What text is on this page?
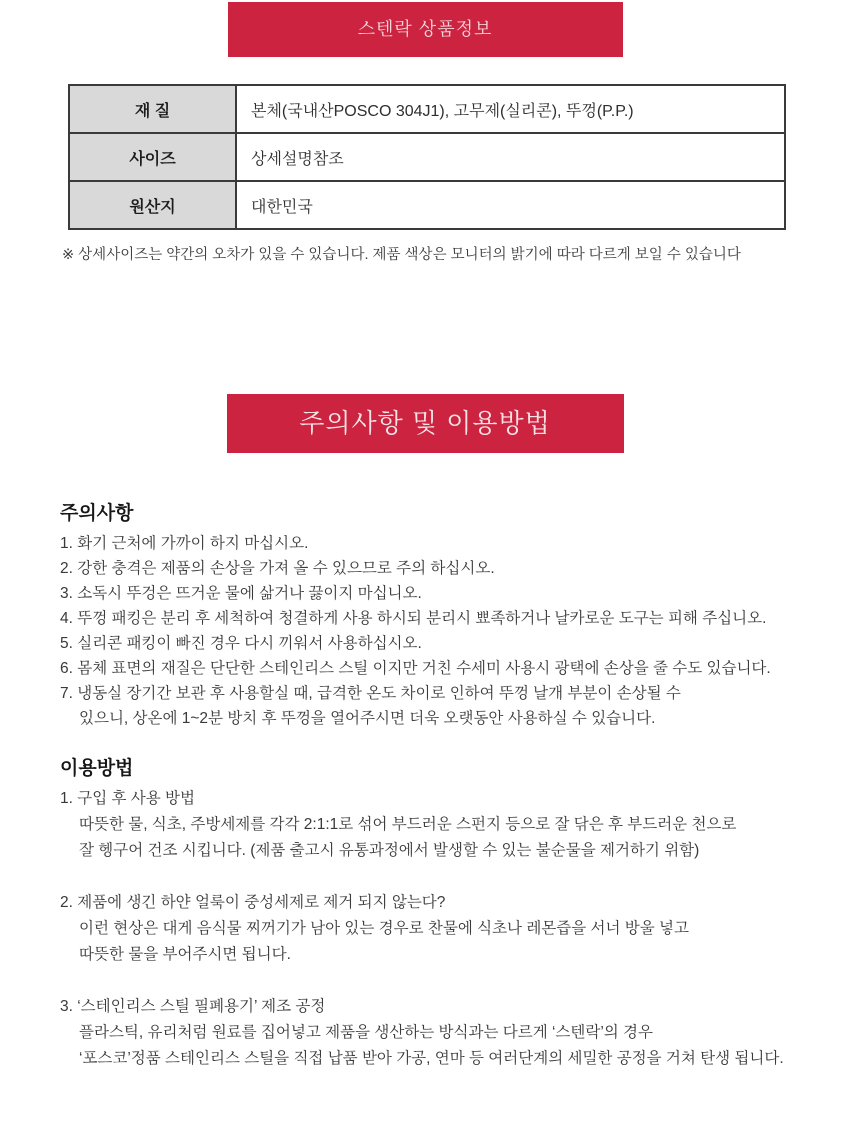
스텐락 상품정보
재 질	본체(국내산POSCO 304J1), 고무제(실리콘), 뚜껑(P.P.)
사이즈	상세설명참조
원산지	대한민국
※ 상세사이즈는 약간의 오차가 있을 수 있습니다. 제품 색상은 모니터의 밝기에 따라 다르게 보일 수 있습니다
주의사항 및 이용방법
주의사항
1. 화기 근처에 가까이 하지 마십시오.
2. 강한 충격은 제품의 손상을 가져 올 수 있으므로 주의 하십시오.
3. 소독시 뚜겅은 뜨거운 물에 삶거나 끓이지 마십니오.
4. 뚜껑 패킹은 분리 후 세척하여 청결하게 사용 하시되 분리시 뾰족하거나 날카로운 도구는 피해 주십니오.
5. 실리콘 패킹이 빠진 경우 다시 끼워서 사용하십시오.
6. 몸체 표면의 재질은 단단한 스테인리스 스틸 이지만 거친 수세미 사용시 광택에 손상을 줄 수도 있습니다.
7. 냉동실 장기간 보관 후 사용할실 때, 급격한 온도 차이로 인하여 뚜껑 날개 부분이 손상될 수
있으니, 상온에 1~2분 방치 후 뚜껑을 열어주시면 더욱 오랫동안 사용하실 수 있습니다.
이용방법
1. 구입 후 사용 방법
따뜻한 물, 식초, 주방세제를 각각 2:1:1로 섞어 부드러운 스펀지 등으로 잘 닦은 후 부드러운 천으로
잘 헹구어 건조 시킵니다. (제품 출고시 유통과정에서 발생할 수 있는 불순물을 제거하기 위함)
2. 제품에 생긴 하얀 얼룩이 중성세제로 제거 되지 않는다?
이런 현상은 대게 음식물 찌꺼기가 남아 있는 경우로 찬물에 식초나 레몬즙을 서너 방울 넣고
따뜻한 물을 부어주시면 됩니다.
3. ‘스테인리스 스틸 필폐용기’ 제조 공정
플라스틱, 유리처럼 원료를 집어넣고 제품을 생산하는 방식과는 다르게 ‘스텐락’의 경우
‘포스코’정품 스테인리스 스틸을 직접 납품 받아 가공, 연마 등 여러단계의 세밀한 공정을 거쳐 탄생 됩니다.
